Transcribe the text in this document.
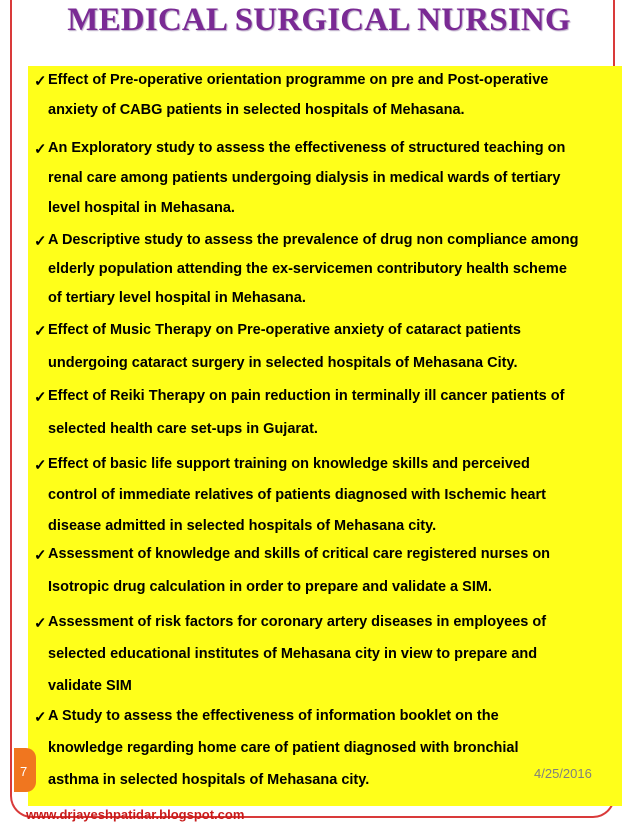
MEDICAL SURGICAL NURSING
✓ Effect of Pre-operative orientation programme on pre and Post-operative
anxiety of CABG patients in selected hospitals of Mehasana.
✓ An Exploratory study to assess the effectiveness of structured teaching on
renal care among patients undergoing dialysis in medical wards of tertiary
level hospital in Mehasana.
✓ A Descriptive study to assess the prevalence of drug non compliance among
elderly population attending the ex-servicemen contributory health scheme
of tertiary level hospital in Mehasana.
✓ Effect of Music Therapy on Pre-operative anxiety of cataract patients
undergoing cataract surgery in selected hospitals of Mehasana City.
✓ Effect of Reiki Therapy on pain reduction in terminally ill cancer patients of
selected health care set-ups in Gujarat.
✓ Effect of basic life support training on knowledge skills and perceived
control of immediate relatives of patients diagnosed with Ischemic heart
disease admitted in selected hospitals of Mehasana city.
✓ Assessment of knowledge and skills of critical care registered nurses on
Isotropic drug calculation in order to prepare and validate a SIM.
✓ Assessment of risk factors for coronary artery diseases in employees of
selected educational institutes of Mehasana city in view to prepare and
validate SIM
✓ A Study to assess the effectiveness of information booklet on the
knowledge regarding home care of patient diagnosed with bronchial
asthma in selected hospitals of Mehasana city.	4/25/2016
7
www.drjayeshpatidar.blogspot.com
